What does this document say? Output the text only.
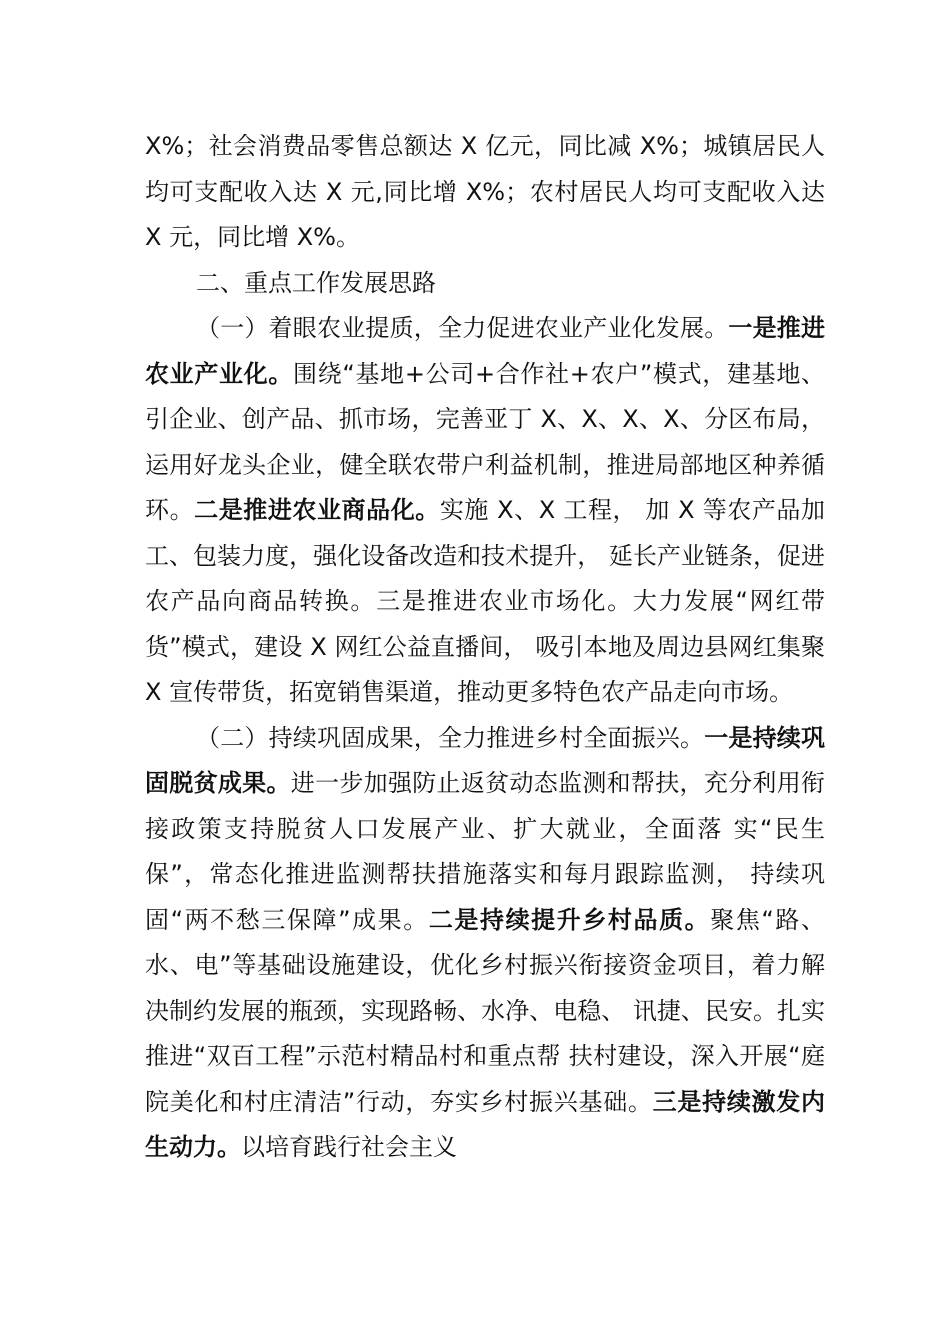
X%；社会消费品零售总额达 X 亿元，同比减 X%；城镇居民人均可支配收入达 X 元,同比增 X%；农村居民人均可支配收入达 X 元，同比增 X%。

二、重点工作发展思路

（一）着眼农业提质，全力促进农业产业化发展。一是推进农业产业化。围绕“基地+公司+合作社+农户”模式，建基地、引企业、创产品、抓市场，完善亚丁 X、X、X、X、分区布局，运用好龙头企业，健全联农带户利益机制，推进局部地区种养循环。二是推进农业商品化。实施 X、X 工程， 加 X 等农产品加工、包装力度，强化设备改造和技术提升， 延长产业链条，促进农产品向商品转换。三是推进农业市场化。大力发展“网红带货”模式，建设 X 网红公益直播间， 吸引本地及周边县网红集聚 X 宣传带货，拓宽销售渠道，推动更多特色农产品走向市场。

（二）持续巩固成果，全力推进乡村全面振兴。一是持续巩固脱贫成果。进一步加强防止返贫动态监测和帮扶，充分利用衔接政策支持脱贫人口发展产业、扩大就业，全面落 实“民生保”，常态化推进监测帮扶措施落实和每月跟踪监测， 持续巩固“两不愁三保障”成果。二是持续提升乡村品质。聚焦“路、水、电”等基础设施建设，优化乡村振兴衔接资金项目，着力解决制约发展的瓶颈，实现路畅、水净、电稳、 讯捷、民安。扎实推进“双百工程”示范村精品村和重点帮 扶村建设，深入开展“庭院美化和村庄清洁”行动，夯实乡村振兴基础。三是持续激发内生动力。以培育践行社会主义
